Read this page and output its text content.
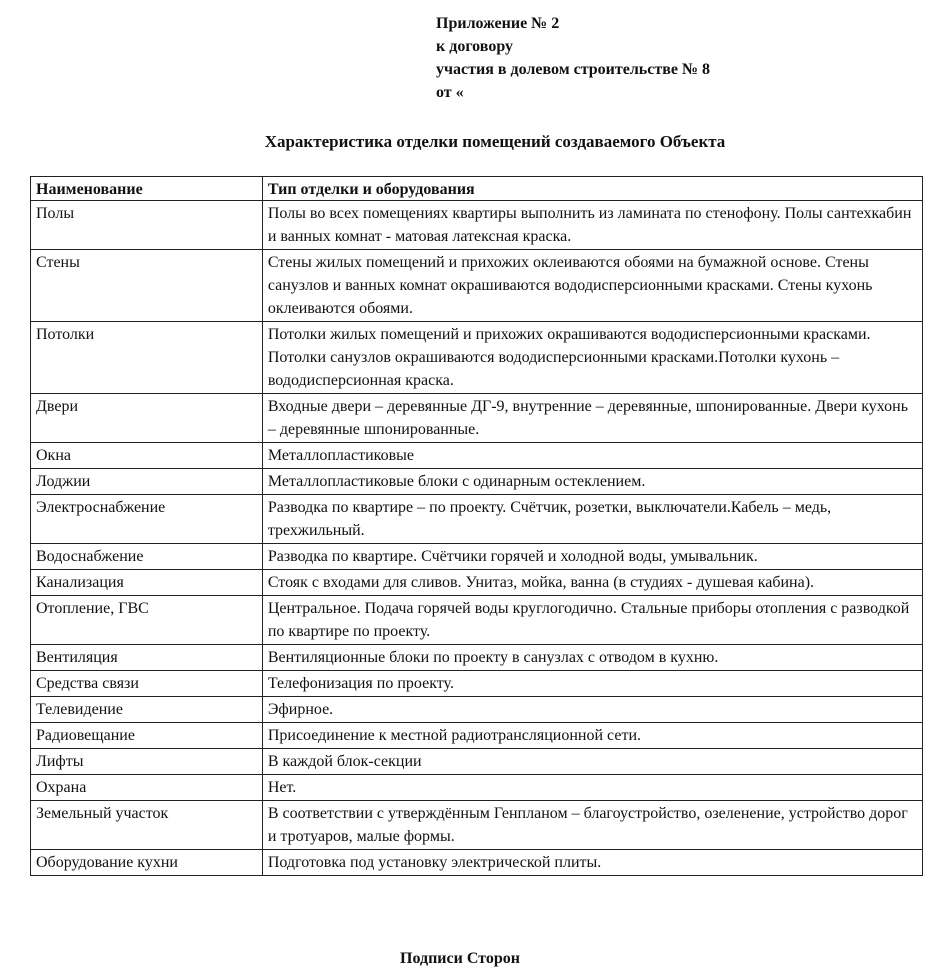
Приложение № 2
к договору
участия в долевом строительстве № 8
от «
Характеристика отделки помещений создаваемого Объекта
Наименование	Тип отделки и оборудования
Полы	Полы во всех помещениях квартиры выполнить из ламината по стенофону. Полы сантехкабин и ванных комнат - матовая латексная краска.
Стены	Стены жилых помещений и прихожих оклеиваются обоями на бумажной основе. Стены санузлов и ванных комнат окрашиваются вододисперсионными красками. Стены кухонь оклеиваются обоями.
Потолки	Потолки жилых помещений и прихожих окрашиваются вододисперсионными красками. Потолки санузлов окрашиваются вододисперсионными красками.Потолки кухонь – вододисперсионная краска.
Двери	Входные двери – деревянные ДГ-9, внутренние – деревянные, шпонированные. Двери кухонь – деревянные шпонированные.
Окна	Металлопластиковые
Лоджии	Металлопластиковые блоки с одинарным остеклением.
Электроснабжение	Разводка по квартире – по проекту. Счётчик, розетки, выключатели.Кабель – медь, трехжильный.
Водоснабжение	Разводка по квартире. Счётчики горячей и холодной воды, умывальник.
Канализация	Стояк с входами для сливов. Унитаз, мойка, ванна (в студиях - душевая кабина).
Отопление, ГВС	Центральное. Подача горячей воды круглогодично. Стальные приборы отопления с разводкой по квартире по проекту.
Вентиляция	Вентиляционные блоки по проекту в санузлах с отводом в кухню.
Средства связи	Телефонизация по проекту.
Телевидение	Эфирное.
Радиовещание	Присоединение к местной радиотрансляционной сети.
Лифты	В каждой блок-секции
Охрана	Нет.
Земельный участок	В соответствии с утверждённым Генпланом – благоустройство, озеленение, устройство дорог и тротуаров, малые формы.
Оборудование кухни	Подготовка под установку электрической плиты.
Подписи Сторон
